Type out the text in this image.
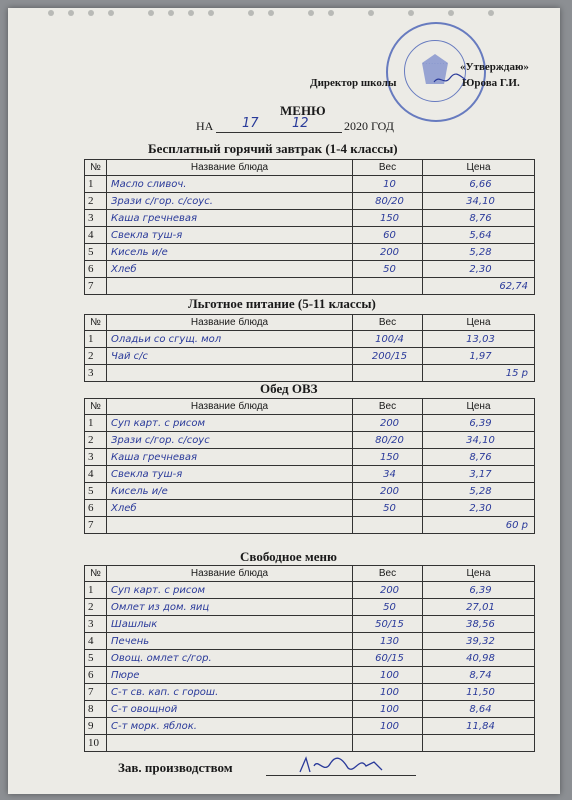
· · · · · · · · ·	«Утверждаю»
Директор школы	Юрова Г.И.
МЕНЮ
НА 17	12	2020 ГОД
Бесплатный горячий завтрак (1-4 классы)
№	Название блюда	Вес	Цена
1	Масло сливоч.	10	6,66
2	Зрази с/гор. с/соус.	80/20	34,10
3	Каша гречневая	150	8,76
4	Свекла туш-я	60	5,64
5	Кисель и/е	200	5,28
6	Хлеб	50	2,30
7			62,74
Льготное питание (5-11 классы)
№	Название блюда	Вес	Цена
1	Оладьи со сгущ. мол	100/4	13,03
2	Чай с/с	200/15	1,97
3			15 р
Обед ОВЗ
№	Название блюда	Вес	Цена
1	Суп карт. с рисом	200	6,39
2	Зрази с/гор. с/соус	80/20	34,10
3	Каша гречневая	150	8,76
4	Свекла туш-я	34	3,17
5	Кисель и/е	200	5,28
6	Хлеб	50	2,30
7			60 р
Свободное меню
№	Название блюда	Вес	Цена
1	Суп карт. с рисом	200	6,39
2	Омлет из дом. яиц	50	27,01
3	Шашлык	50/15	38,56
4	Печень	130	39,32
5	Овощ. омлет с/гор.	60/15	40,98
6	Пюре	100	8,74
7	С-т св. кап. с горош.	100	11,50
8	С-т овощной	100	8,64
9	С-т морк. яблок.	100	11,84
10			
Зав. производством
